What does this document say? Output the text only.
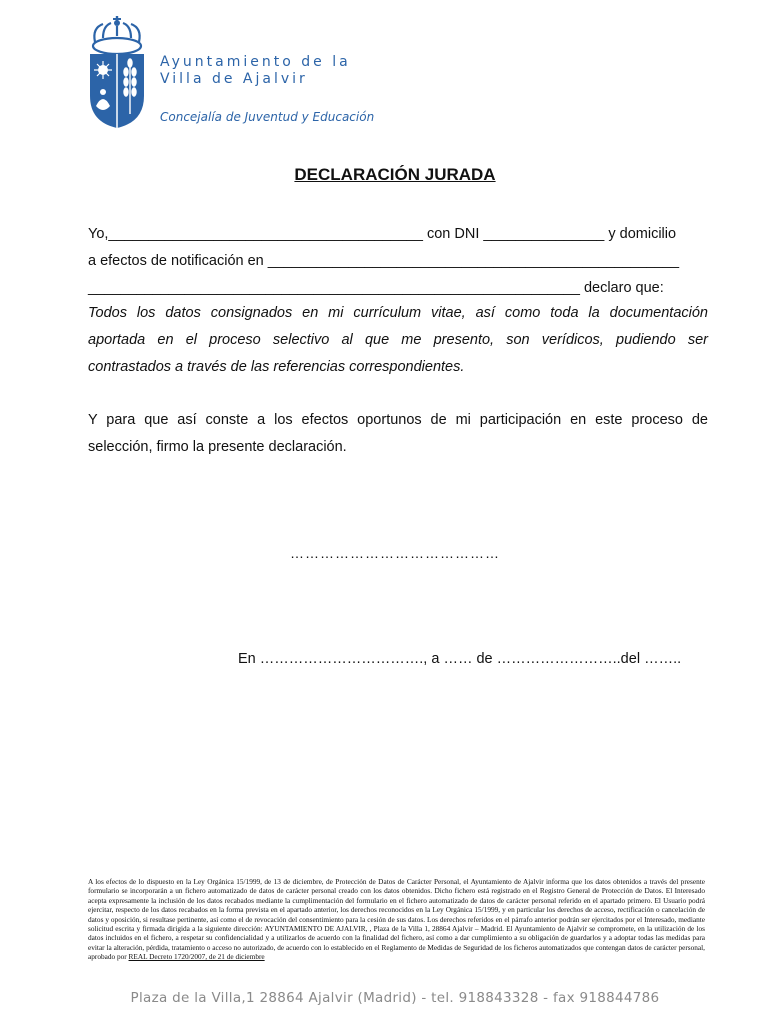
Ayuntamiento de la
Villa de Ajalvir
Concejalía de Juventud y Educación
DECLARACIÓN JURADA
Yo,_______________________________________ con DNI _______________ y domicilio
a efectos de notificación en ___________________________________________________
_____________________________________________________________ declaro que:
Todos los datos consignados en mi currículum vitae, así como toda la documentación
aportada en el proceso selectivo al que me presento, son verídicos, pudiendo ser
contrastados a través de las referencias correspondientes.
Y para que así conste a los efectos oportunos de mi participación en este proceso de
selección, firmo la presente declaración.
……………………………………
En ……………………………., a …… de ……………………..del ……..
A los efectos de lo dispuesto en la Ley Orgánica 15/1999, de 13 de diciembre, de Protección de Datos de Carácter Personal, el Ayuntamiento de Ajalvir informa que los datos obtenidos a través del presente formulario se incorporarán a un fichero automatizado de datos de carácter personal creado con los datos obtenidos. Dicho fichero está registrado en el Registro General de Protección de Datos. El Interesado acepta expresamente la inclusión de los datos recabados mediante la cumplimentación del formulario en el fichero automatizado de datos de carácter personal referido en el apartado primero. El Usuario podrá ejercitar, respecto de los datos recabados en la forma prevista en el apartado anterior, los derechos reconocidos en la Ley Orgánica 15/1999, y en particular los derechos de acceso, rectificación o cancelación de datos y oposición, si resultase pertinente, así como el de revocación del consentimiento para la cesión de sus datos. Los derechos referidos en el párrafo anterior podrán ser ejercitados por el Interesado, mediante solicitud escrita y firmada dirigida a la siguiente dirección: AYUNTAMIENTO DE AJALVIR, , Plaza de la Villa 1, 28864 Ajalvir – Madrid. El Ayuntamiento de Ajalvir se compromete, en la utilización de los datos incluidos en el fichero, a respetar su confidencialidad y a utilizarlos de acuerdo con la finalidad del fichero, así como a dar cumplimiento a su obligación de guardarlos y a adoptar todas las medidas para evitar la alteración, pérdida, tratamiento o acceso no autorizado, de acuerdo con lo establecido en el Reglamento de Medidas de Seguridad de los ficheros automatizados que contengan datos de carácter personal, aprobado por REAL Decreto 1720/2007, de 21 de diciembre
Plaza de la Villa,1 28864 Ajalvir (Madrid) - tel. 918843328 - fax 918844786
